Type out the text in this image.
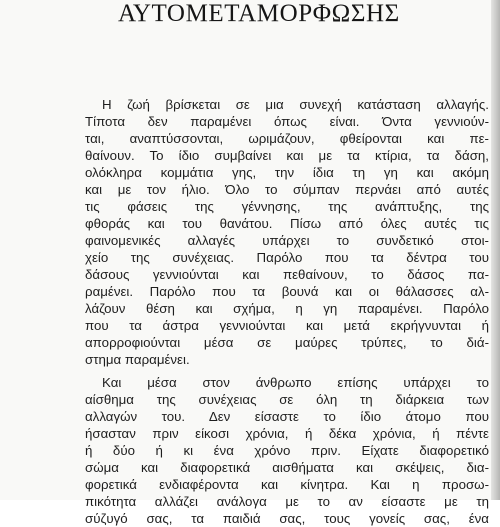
ΑΥΤΟΜΕΤΑΜΟΡΦΩΣΗΣ
Η ζωή βρίσκεται σε μια συνεχή κατάσταση αλλαγής.
Τίποτα δεν παραμένει όπως είναι. Όντα γεννιούν-
ται, αναπτύσσονται, ωριμάζουν, φθείρονται και πε-
θαίνουν. Το ίδιο συμβαίνει και με τα κτίρια, τα δάση,
ολόκληρα κομμάτια γης, την ίδια τη γη και ακόμη
και με τον ήλιο. Όλο το σύμπαν περνάει από αυτές
τις φάσεις της γέννησης, της ανάπτυξης, της
φθοράς και του θανάτου. Πίσω από όλες αυτές τις
φαινομενικές αλλαγές υπάρχει το συνδετικό στοι-
χείο της συνέχειας. Παρόλο που τα δέντρα του
δάσους γεννιούνται και πεθαίνουν, το δάσος πα-
ραμένει. Παρόλο που τα βουνά και οι θάλασσες αλ-
λάζουν θέση και σχήμα, η γη παραμένει. Παρόλο
που τα άστρα γεννιούνται και μετά εκρήγνυνται ή
απορροφιούνται μέσα σε μαύρες τρύπες, το διά-
στημα παραμένει.
Και μέσα στον άνθρωπο επίσης υπάρχει το
αίσθημα της συνέχειας σε όλη τη διάρκεια των
αλλαγών του. Δεν είσαστε το ίδιο άτομο που
ήσασταν πριν είκοσι χρόνια, ή δέκα χρόνια, ή πέντε
ή δύο ή κι ένα χρόνο πριν. Είχατε διαφορετικό
σώμα και διαφορετικά αισθήματα και σκέψεις, δια-
φορετικά ενδιαφέροντα και κίνητρα. Και η προσω-
πικότητα αλλάζει ανάλογα με το αν είσαστε με τη
σύζυγό σας, τα παιδιά σας, τους γονείς σας, ένα
